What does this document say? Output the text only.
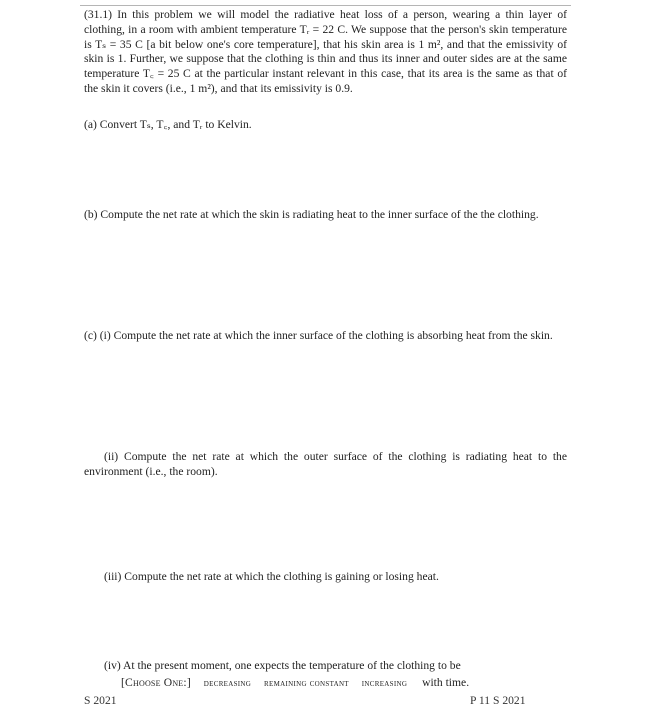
(31.1) In this problem we will model the radiative heat loss of a person, wearing a thin layer of clothing, in a room with ambient temperature Tᵣ = 22 C. We suppose that the person's skin temperature is Tₛ = 35 C [a bit below one's core temperature], that his skin area is 1 m², and that the emissivity of skin is 1. Further, we suppose that the clothing is thin and thus its inner and outer sides are at the same temperature T꜀ = 25 C at the particular instant relevant in this case, that its area is the same as that of the skin it covers (i.e., 1 m²), and that its emissivity is 0.9.
(a) Convert Tₛ, T꜀, and Tᵣ to Kelvin.
(b) Compute the net rate at which the skin is radiating heat to the inner surface of the the clothing.
(c) (i) Compute the net rate at which the inner surface of the clothing is absorbing heat from the skin.
(ii) Compute the net rate at which the outer surface of the clothing is radiating heat to the environment (i.e., the room).
(iii) Compute the net rate at which the clothing is gaining or losing heat.
(iv) At the present moment, one expects the temperature of the clothing to be
[Choose One:] decreasing remaining constant increasing with time.
S 2021	P 11 S 2021
